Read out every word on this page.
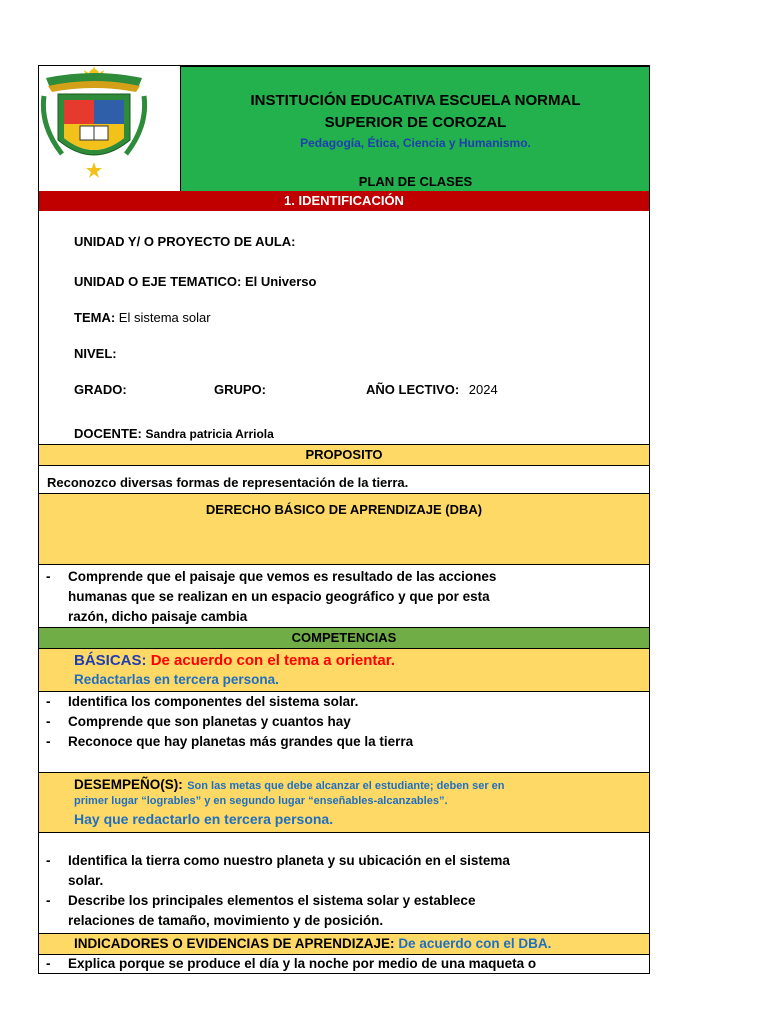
INSTITUCIÓN EDUCATIVA ESCUELA NORMAL
SUPERIOR DE COROZAL
Pedagogía, Ética, Ciencia y Humanismo.
PLAN DE CLASES
1. IDENTIFICACIÓN
UNIDAD Y/ O PROYECTO DE AULA:
UNIDAD O EJE TEMATICO: El Universo
TEMA: El sistema solar
NIVEL:
GRADO:	GRUPO:	AÑO LECTIVO: 2024
DOCENTE: Sandra patricia Arriola
PROPOSITO
Reconozco diversas formas de representación de la tierra.
DERECHO BÁSICO DE APRENDIZAJE (DBA)
- Comprende que el paisaje que vemos es resultado de las acciones
humanas que se realizan en un espacio geográfico y que por esta
razón, dicho paisaje cambia
COMPETENCIAS
BÁSICAS: De acuerdo con el tema a orientar.
Redactarlas en tercera persona.
- Identifica los componentes del sistema solar.
- Comprende que son planetas y cuantos hay
- Reconoce que hay planetas más grandes que la tierra
DESEMPEÑO(S): Son las metas que debe alcanzar el estudiante; deben ser en
primer lugar “logrables” y en segundo lugar “enseñables-alcanzables”.
Hay que redactarlo en tercera persona.
- Identifica la tierra como nuestro planeta y su ubicación en el sistema
solar.
- Describe los principales elementos el sistema solar y establece
relaciones de tamaño, movimiento y de posición.
INDICADORES O EVIDENCIAS DE APRENDIZAJE: De acuerdo con el DBA.
- Explica porque se produce el día y la noche por medio de una maqueta o
